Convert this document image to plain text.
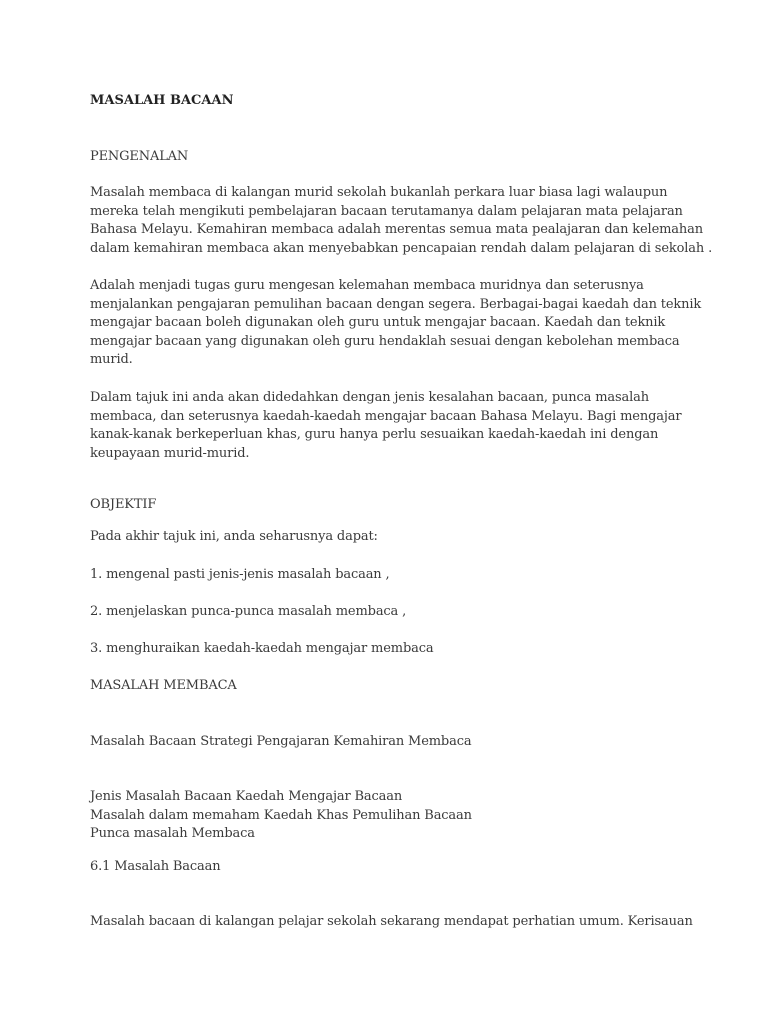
MASALAH BACAAN
PENGENALAN
Masalah membaca di kalangan murid sekolah bukanlah perkara luar biasa lagi walaupun
mereka telah mengikuti pembelajaran bacaan terutamanya dalam pelajaran mata pelajaran
Bahasa Melayu. Kemahiran membaca adalah merentas semua mata pealajaran dan kelemahan
dalam kemahiran membaca akan menyebabkan pencapaian rendah dalam pelajaran di sekolah .
Adalah menjadi tugas guru mengesan kelemahan membaca muridnya dan seterusnya
menjalankan pengajaran pemulihan bacaan dengan segera. Berbagai-bagai kaedah dan teknik
mengajar bacaan boleh digunakan oleh guru untuk mengajar bacaan. Kaedah dan teknik
mengajar bacaan yang digunakan oleh guru hendaklah sesuai dengan kebolehan membaca
murid.
Dalam tajuk ini anda akan didedahkan dengan jenis kesalahan bacaan, punca masalah
membaca, dan seterusnya kaedah-kaedah mengajar bacaan Bahasa Melayu. Bagi mengajar
kanak-kanak berkeperluan khas, guru hanya perlu sesuaikan kaedah-kaedah ini dengan
keupayaan murid-murid.
OBJEKTIF
Pada akhir tajuk ini, anda seharusnya dapat:
1. mengenal pasti jenis-jenis masalah bacaan ,
2. menjelaskan punca-punca masalah membaca ,
3. menghuraikan kaedah-kaedah mengajar membaca
MASALAH MEMBACA
Masalah Bacaan Strategi Pengajaran Kemahiran Membaca
Jenis Masalah Bacaan Kaedah Mengajar Bacaan
Masalah dalam memaham Kaedah Khas Pemulihan Bacaan
Punca masalah Membaca
6.1 Masalah Bacaan
Masalah bacaan di kalangan pelajar sekolah sekarang mendapat perhatian umum. Kerisauan
